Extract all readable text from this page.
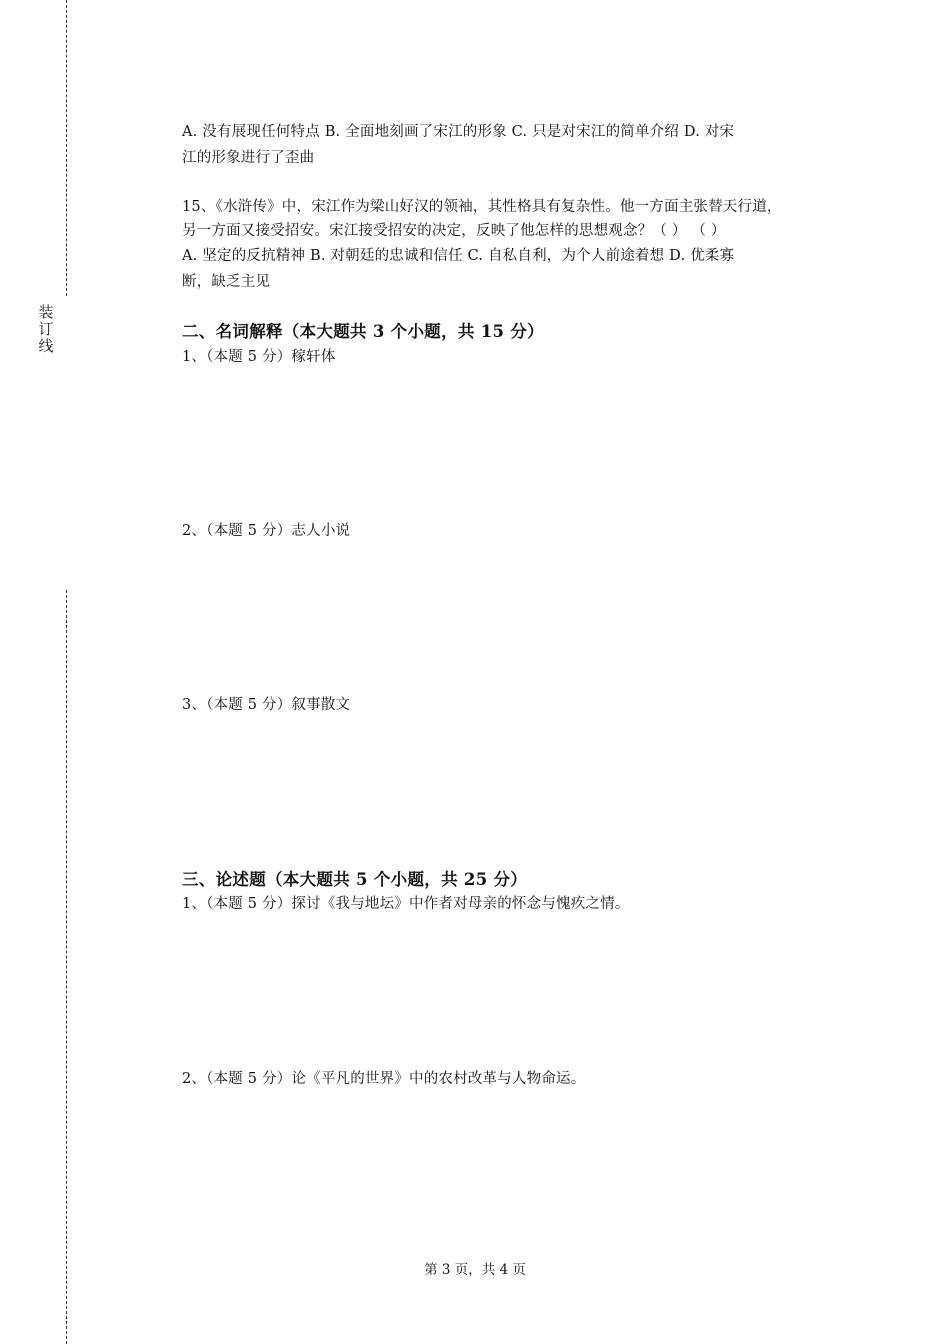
装
订
线
A. 没有展现任何特点 B. 全面地刻画了宋江的形象 C. 只是对宋江的简单介绍 D. 对宋
江的形象进行了歪曲
15、《水浒传》中，宋江作为梁山好汉的领袖，其性格具有复杂性。他一方面主张替天行道，
另一方面又接受招安。宋江接受招安的决定，反映了他怎样的思想观念？（ ） （ ）
A. 坚定的反抗精神 B. 对朝廷的忠诚和信任 C. 自私自利，为个人前途着想 D. 优柔寡
断，缺乏主见
二、名词解释（本大题共 3 个小题，共 15 分）
1、（本题 5 分）稼轩体
2、（本题 5 分）志人小说
3、（本题 5 分）叙事散文
三、论述题（本大题共 5 个小题，共 25 分）
1、（本题 5 分）探讨《我与地坛》中作者对母亲的怀念与愧疚之情。
2、（本题 5 分）论《平凡的世界》中的农村改革与人物命运。
第 3 页，共 4 页
